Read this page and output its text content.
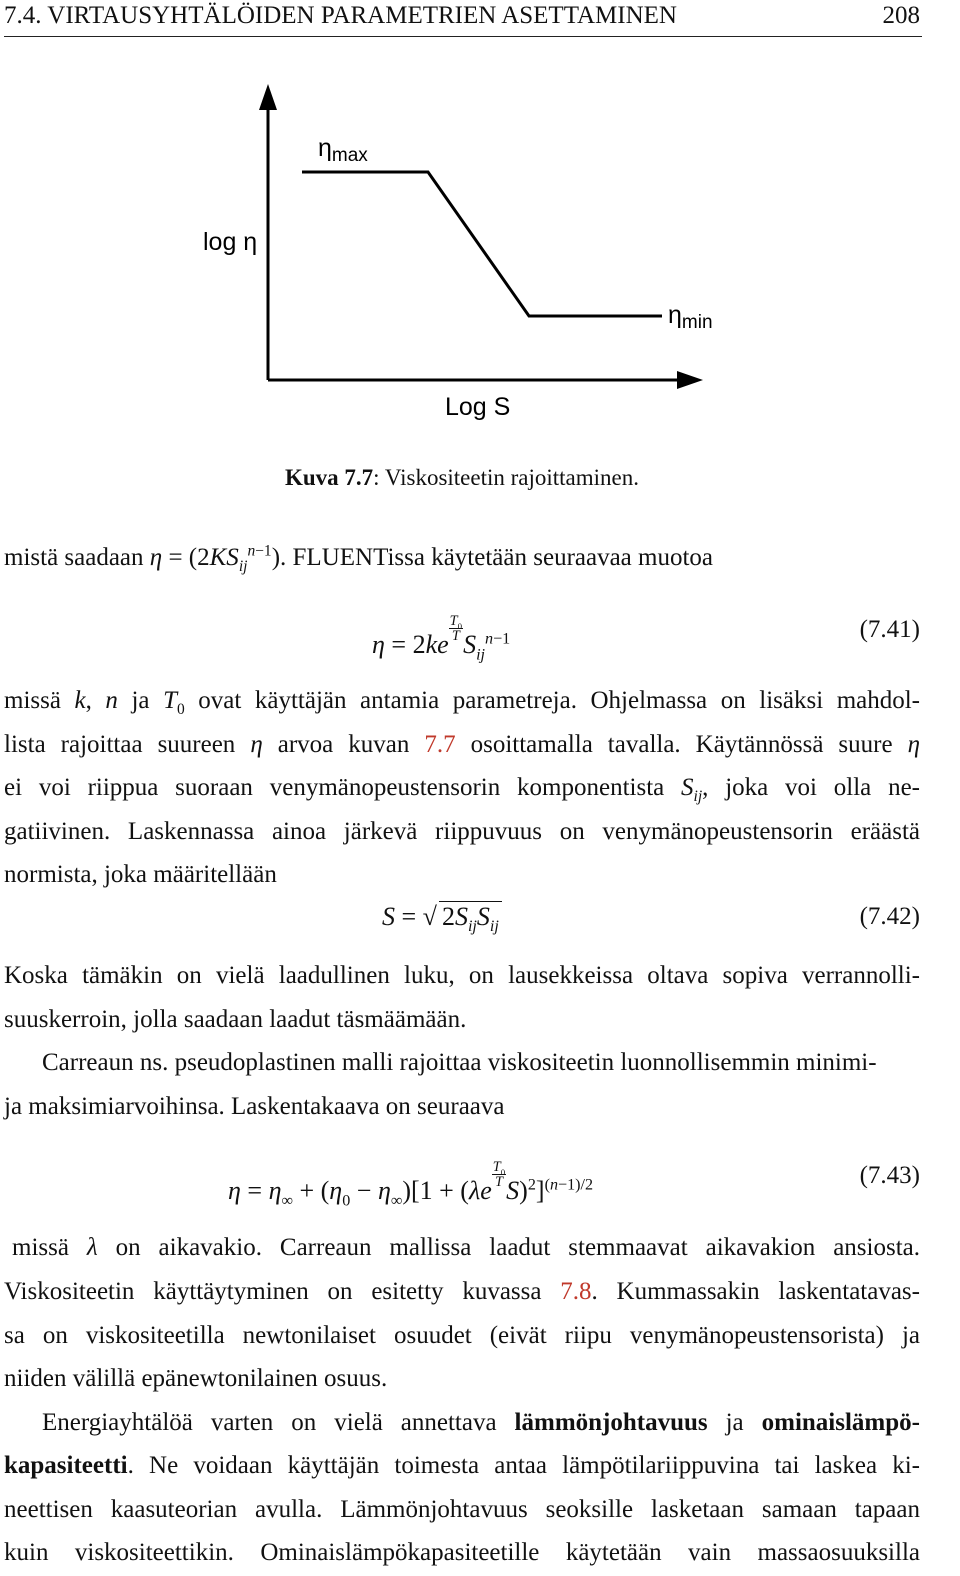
7.4. VIRTAUSYHTÄLÖIDEN PARAMETRIEN ASETTAMINEN	208
$\eta_{max}$
$\eta_{min}$
log η
Log S
Kuva 7.7: Viskositeetin rajoittaminen.
mistä saadaan $\eta = (2KS_{ij}^{n-1})$. FLUENTissa käytetään seuraavaa muotoa
η = 2ke
$\frac{T_0}{T}$
$S_{ij}^{n-1}$	(7.41)
missä k, n ja $T_0$ ovat käyttäjän antamia parametreja. Ohjelmassa on lisäksi mahdol-
lista rajoittaa suureen η arvoa kuvan 7.7 osoittamalla tavalla. Käytännössä suure η
ei voi riippua suoraan venymänopeustensorin komponentista $S_{ij}$, joka voi olla ne-
gatiivinen. Laskennassa ainoa järkevä riippuvuus on venymänopeustensorin eräästä
normista, joka määritellään
S = √ $2S_{ij}S_{ij}$	(7.42)
Koska tämäkin on vielä laadullinen luku, on lausekkeissa oltava sopiva verrannolli-
suuskerroin, jolla saadaan laadut täsmäämään.
Carreaun ns. pseudoplastinen malli rajoittaa viskositeetin luonnollisemmin minimi-
ja maksimiarvoihinsa. Laskentakaava on seuraava
$\eta = \eta_\infty + (\eta_0 - \eta_\infty)[1 + (\lambda e$
$\frac{T_0}{T}$
S)$^2$]$^{(n-1)/2}$	(7.43)
missä λ on aikavakio. Carreaun mallissa laadut stemmaavat aikavakion ansiosta.
Viskositeetin käyttäytyminen on esitetty kuvassa 7.8. Kummassakin laskentatavas-
sa on viskositeetilla newtonilaiset osuudet (eivät riipu venymänopeustensorista) ja
niiden välillä epänewtonilainen osuus.
Energiayhtälöä varten on vielä annettava lämmönjohtavuus ja ominaislämpö-
kapasiteetti. Ne voidaan käyttäjän toimesta antaa lämpötilariippuvina tai laskea ki-
neettisen kaasuteorian avulla. Lämmönjohtavuus seoksille lasketaan samaan tapaan
kuin viskositeettikin. Ominaislämpökapasiteetille käytetään vain massaosuuksilla
